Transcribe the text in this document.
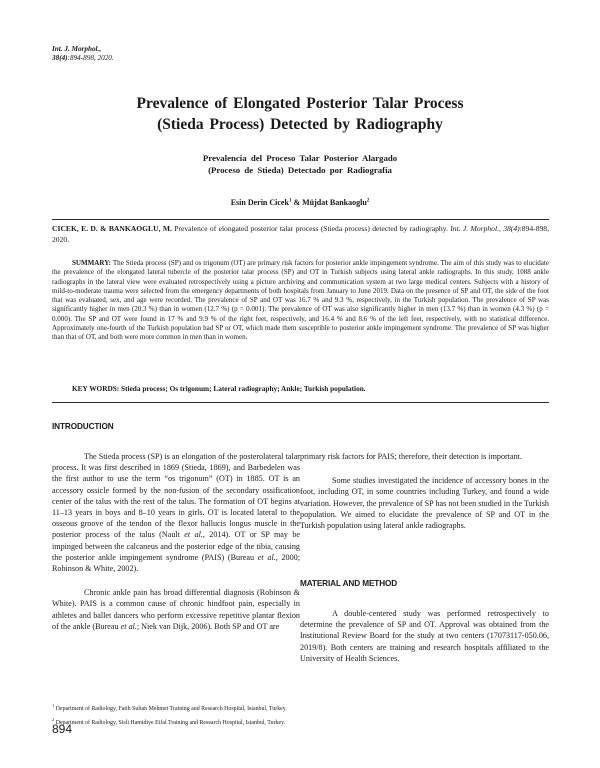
Int. J. Morphol.,
38(4):894-898, 2020.
Prevalence of Elongated Posterior Talar Process
(Stieda Process) Detected by Radiography
Prevalencia del Proceso Talar Posterior Alargado
(Proceso de Stieda) Detectado por Radiografía
Esin Derin Cicek$^1$ & Müjdat Bankaoglu$^2$
CICEK, E. D. & BANKAOGLU, M. Prevalence of elongated posterior talar process (Stieda process) detected by radiography. Int. J. Morphol., 38(4):894-898, 2020.
SUMMARY: The Stieda process (SP) and os trigonum (OT) are primary risk factors for posterior ankle impingement syndrome. The aim of this study was to elucidate the prevalence of the elongated lateral tubercle of the posterior talar process (SP) and OT in Turkish subjects using lateral ankle radiographs. In this study, 1088 ankle radiographs in the lateral view were evaluated retrospectively using a picture archiving and communication system at two large medical centers. Subjects with a history of mild-to-moderate trauma were selected from the emergency departments of both hospitals from January to June 2019. Data on the presence of SP and OT, the side of the foot that was evaluated, sex, and age were recorded. The prevalence of SP and OT was 16.7 % and 9.3 %, respectively, in the Turkish population. The prevalence of SP was significantly higher in men (20.3 %) than in women (12.7 %) (p = 0.001). The prevalence of OT was also significantly higher in men (13.7 %) than in women (4.3 %) (p = 0.000). The SP and OT were found in 17 % and 9.9 % of the right feet, respectively, and 16.4 % and 8.6 % of the left feet, respectively, with no statistical difference. Approximately one-fourth of the Turkish population had SP or OT, which made them susceptible to posterior ankle impingement syndrome. The prevalence of SP was higher than that of OT, and both were more common in men than in women.
KEY WORDS: Stieda process; Os trigonum; Lateral radiography; Ankle; Turkish population.
INTRODUCTION

The Stieda process (SP) is an elongation of the posterolateral talar process. It was first described in 1869 (Stieda, 1869), and Barbedelen was the first author to use the term “os trigonum” (OT) in 1885. OT is an accessory ossicle formed by the non-fusion of the secondary ossification center of the talus with the rest of the talus. The formation of OT begins at 11–13 years in boys and 8–10 years in girls. OT is located lateral to the osseous groove of the tendon of the flexor hallucis longus muscle in the posterior process of the talus (Nault et al., 2014). OT or SP may be impinged between the calcaneus and the posterior edge of the tibia, causing the posterior ankle impingement syndrome (PAIS) (Bureau et al., 2000; Robinson & White, 2002).

Chronic ankle pain has broad differential diagnosis (Robinson & White). PAIS is a common cause of chronic hindfoot pain, especially in athletes and ballet dancers who perform excessive repetitive plantar flexion of the ankle (Bureau et al.; Niek van Dijk, 2006). Both SP and OT are

primary risk factors for PAIS; therefore, their detection is important.

Some studies investigated the incidence of accessory bones in the foot, including OT, in some countries including Turkey, and found a wide variation. However, the prevalence of SP has not been studied in the Turkish population. We aimed to elucidate the prevalence of SP and OT in the Turkish population using lateral ankle radiographs.

MATERIAL AND METHOD

A double-centered study was performed retrospectively to determine the prevalence of SP and OT. Approval was obtained from the Institutional Review Board for the study at two centers (17073117-050.06, 2019/8). Both centers are training and research hospitals affiliated to the University of Health Sciences.

$^1$ Department of Radiology, Fatih Sultan Mehmet Training and Research Hospital, Istanbul, Turkey.
$^2$ Department of Radiology, Sisli Hamidiye Etfal Training and Research Hospital, Istanbul, Turkey.
894
